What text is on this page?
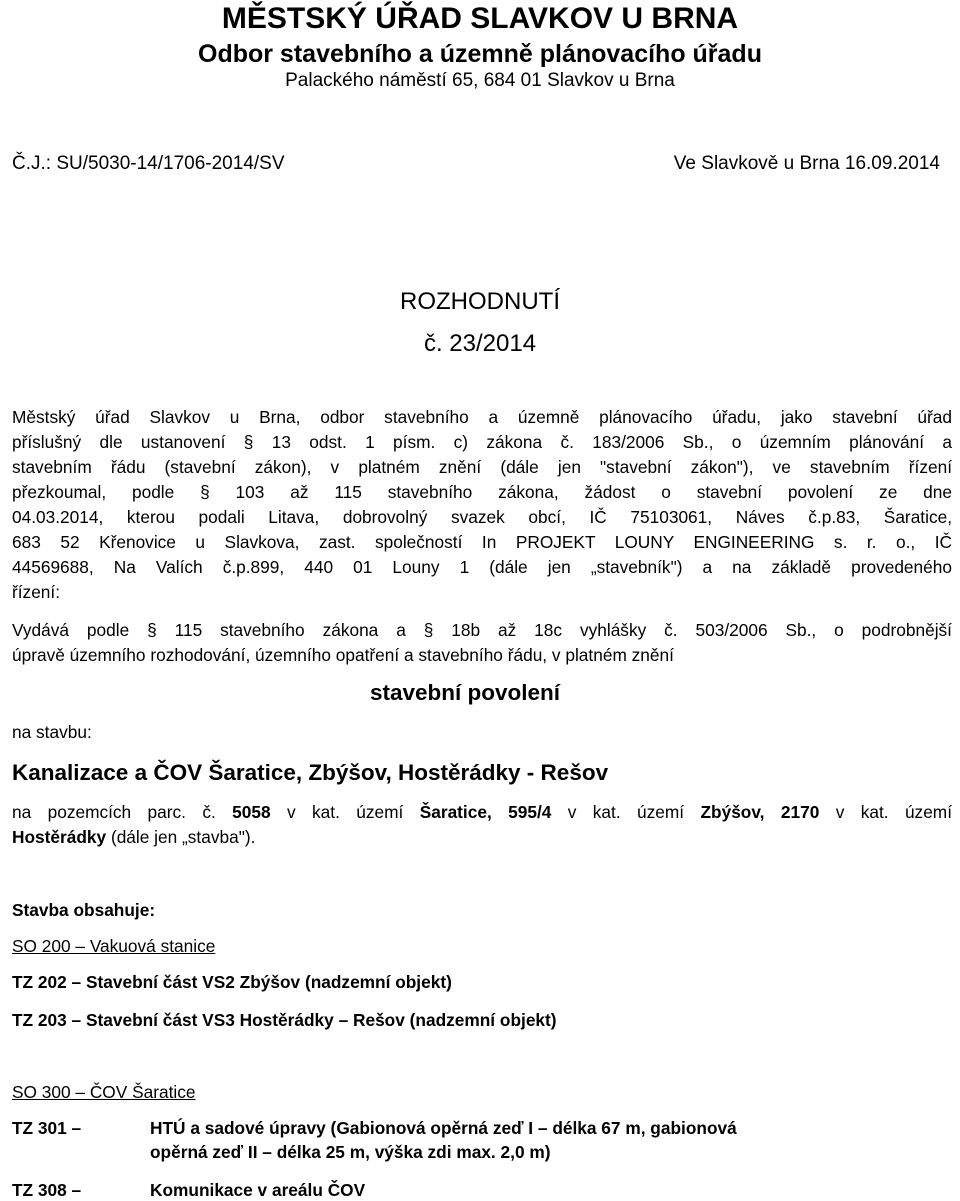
MĚSTSKÝ ÚŘAD SLAVKOV U BRNA
Odbor stavebního a územně plánovacího úřadu
Palackého náměstí 65, 684 01 Slavkov u Brna
Č.J.: SU/5030-14/1706-2014/SV	Ve Slavkově u Brna 16.09.2014
ROZHODNUTÍ
č. 23/2014
Městský úřad Slavkov u Brna, odbor stavebního a územně plánovacího úřadu, jako stavební úřad
příslušný dle ustanovení § 13 odst. 1 písm. c) zákona č. 183/2006 Sb., o územním plánování a
stavebním řádu (stavební zákon), v platném znění (dále jen "stavební zákon"), ve stavebním řízení
přezkoumal, podle § 103 až 115 stavebního zákona, žádost o stavební povolení ze dne
04.03.2014, kterou podali Litava, dobrovolný svazek obcí, IČ 75103061, Náves č.p.83, Šaratice,
683 52 Křenovice u Slavkova, zast. společností In PROJEKT LOUNY ENGINEERING s. r. o., IČ
44569688, Na Valích č.p.899, 440 01 Louny 1 (dále jen „stavebník") a na základě provedeného
řízení:
Vydává podle § 115 stavebního zákona a § 18b až 18c vyhlášky č. 503/2006 Sb., o podrobnější
úpravě územního rozhodování, územního opatření a stavebního řádu, v platném znění
stavební povolení
na stavbu:
Kanalizace a ČOV Šaratice, Zbýšov, Hostěrádky - Rešov
na pozemcích parc. č. 5058 v kat. území Šaratice, 595/4 v kat. území Zbýšov, 2170 v kat. území
Hostěrádky (dále jen „stavba").
Stavba obsahuje:
SO 200 – Vakuová stanice
TZ 202 – Stavební část VS2 Zbýšov (nadzemní objekt)
TZ 203 – Stavební část VS3 Hostěrádky – Rešov (nadzemní objekt)
SO 300 – ČOV Šaratice
TZ 301 –	HTÚ a sadové úpravy (Gabionová opěrná zeď I – délka 67 m, gabionová
opěrná zeď II – délka 25 m, výška zdi max. 2,0 m)
TZ 308 –	Komunikace v areálu ČOV
